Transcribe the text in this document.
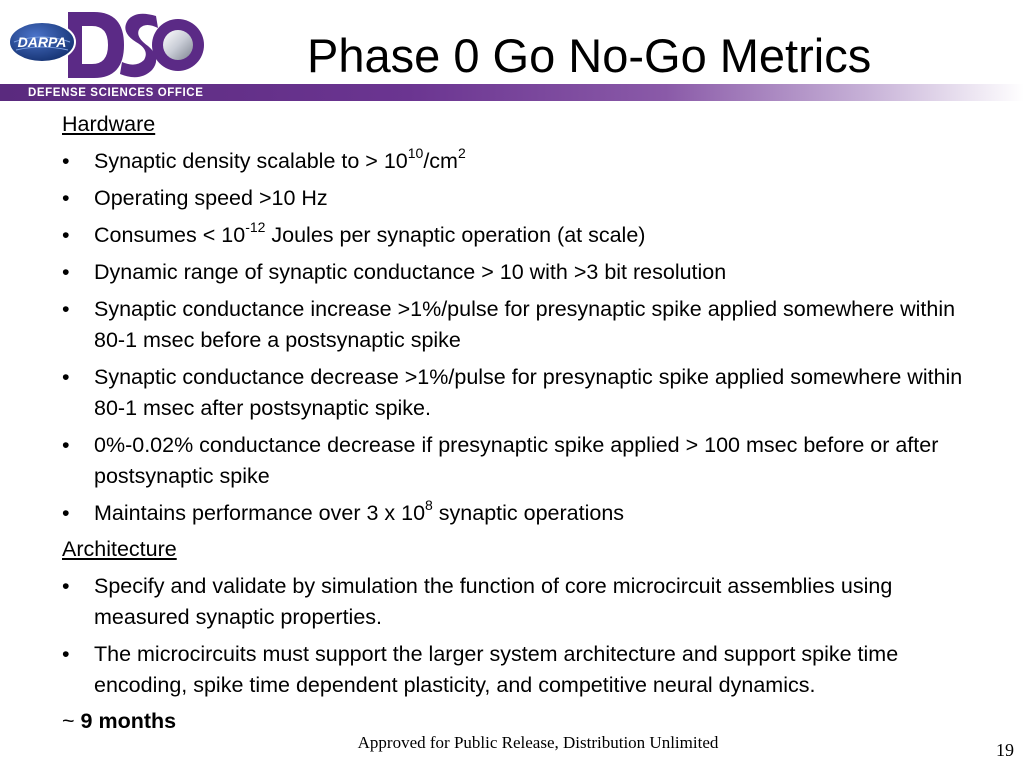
DARPA
DEFENSE SCIENCES OFFICE
Phase 0 Go No-Go Metrics
Hardware
• Synaptic density scalable to > $10^{10}/cm^2$
• Operating speed >10 Hz
• Consumes < $10^{-12}$ Joules per synaptic operation (at scale)
• Dynamic range of synaptic conductance > 10 with >3 bit resolution
• Synaptic conductance increase >1%/pulse for presynaptic spike applied somewhere within 80-1 msec before a postsynaptic spike
• Synaptic conductance decrease >1%/pulse for presynaptic spike applied somewhere within 80-1 msec after postsynaptic spike.
• 0%-0.02% conductance decrease if presynaptic spike applied > 100 msec before or after postsynaptic spike
• Maintains performance over 3 x $10^8$ synaptic operations
Architecture
• Specify and validate by simulation the function of core microcircuit assemblies using measured synaptic properties.
• The microcircuits must support the larger system architecture and support spike time encoding, spike time dependent plasticity, and competitive neural dynamics.
~ 9 months
Approved for Public Release, Distribution Unlimited	19
